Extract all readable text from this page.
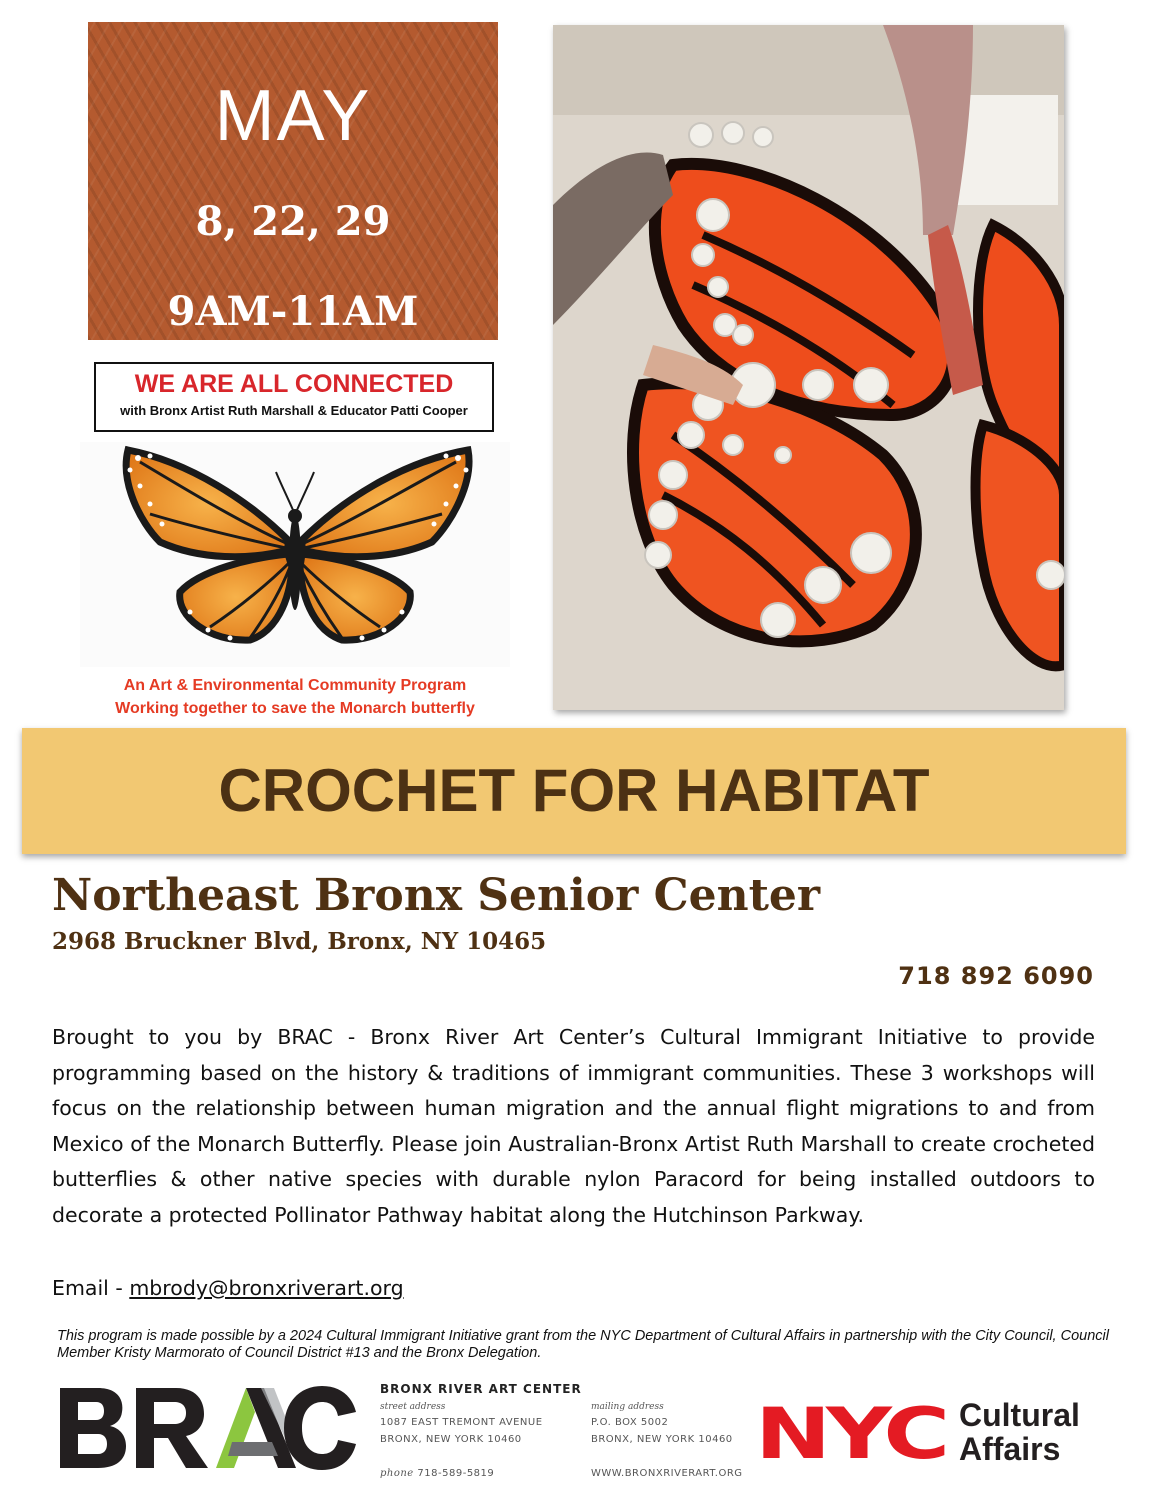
MAY
8, 22, 29
9AM-11AM
WE ARE ALL CONNECTED
with Bronx Artist Ruth Marshall & Educator Patti Cooper
An Art & Environmental Community Program
Working together to save the Monarch butterfly
CROCHET FOR HABITAT
Northeast Bronx Senior Center
2968 Bruckner Blvd, Bronx, NY 10465
718 892 6090
Brought to you by BRAC - Bronx River Art Center’s Cultural Immigrant Initiative to provide programming based on the history & traditions of immigrant communities. These 3 workshops will focus on the relationship between human migration and the annual flight migrations to and from Mexico of the Monarch Butterfly. Please join Australian-Bronx Artist Ruth Marshall to create crocheted butterflies & other native species with durable nylon Paracord for being installed outdoors to decorate a protected Pollinator Pathway habitat along the Hutchinson Parkway.
Email - mbrody@bronxriverart.org
This program is made possible by a 2024 Cultural Immigrant Initiative grant from the NYC Department of Cultural Affairs in partnership with the City Council, Council Member Kristy Marmorato of Council District #13 and the Bronx Delegation.
BRONX RIVER ART CENTER
street address
1087 EAST TREMONT AVENUE
BRONX, NEW YORK 10460
mailing address
P.O. BOX 5002
BRONX, NEW YORK 10460
phone 718-589-5819	WWW.BRONXRIVERART.ORG NYC Cultural
Affairs
